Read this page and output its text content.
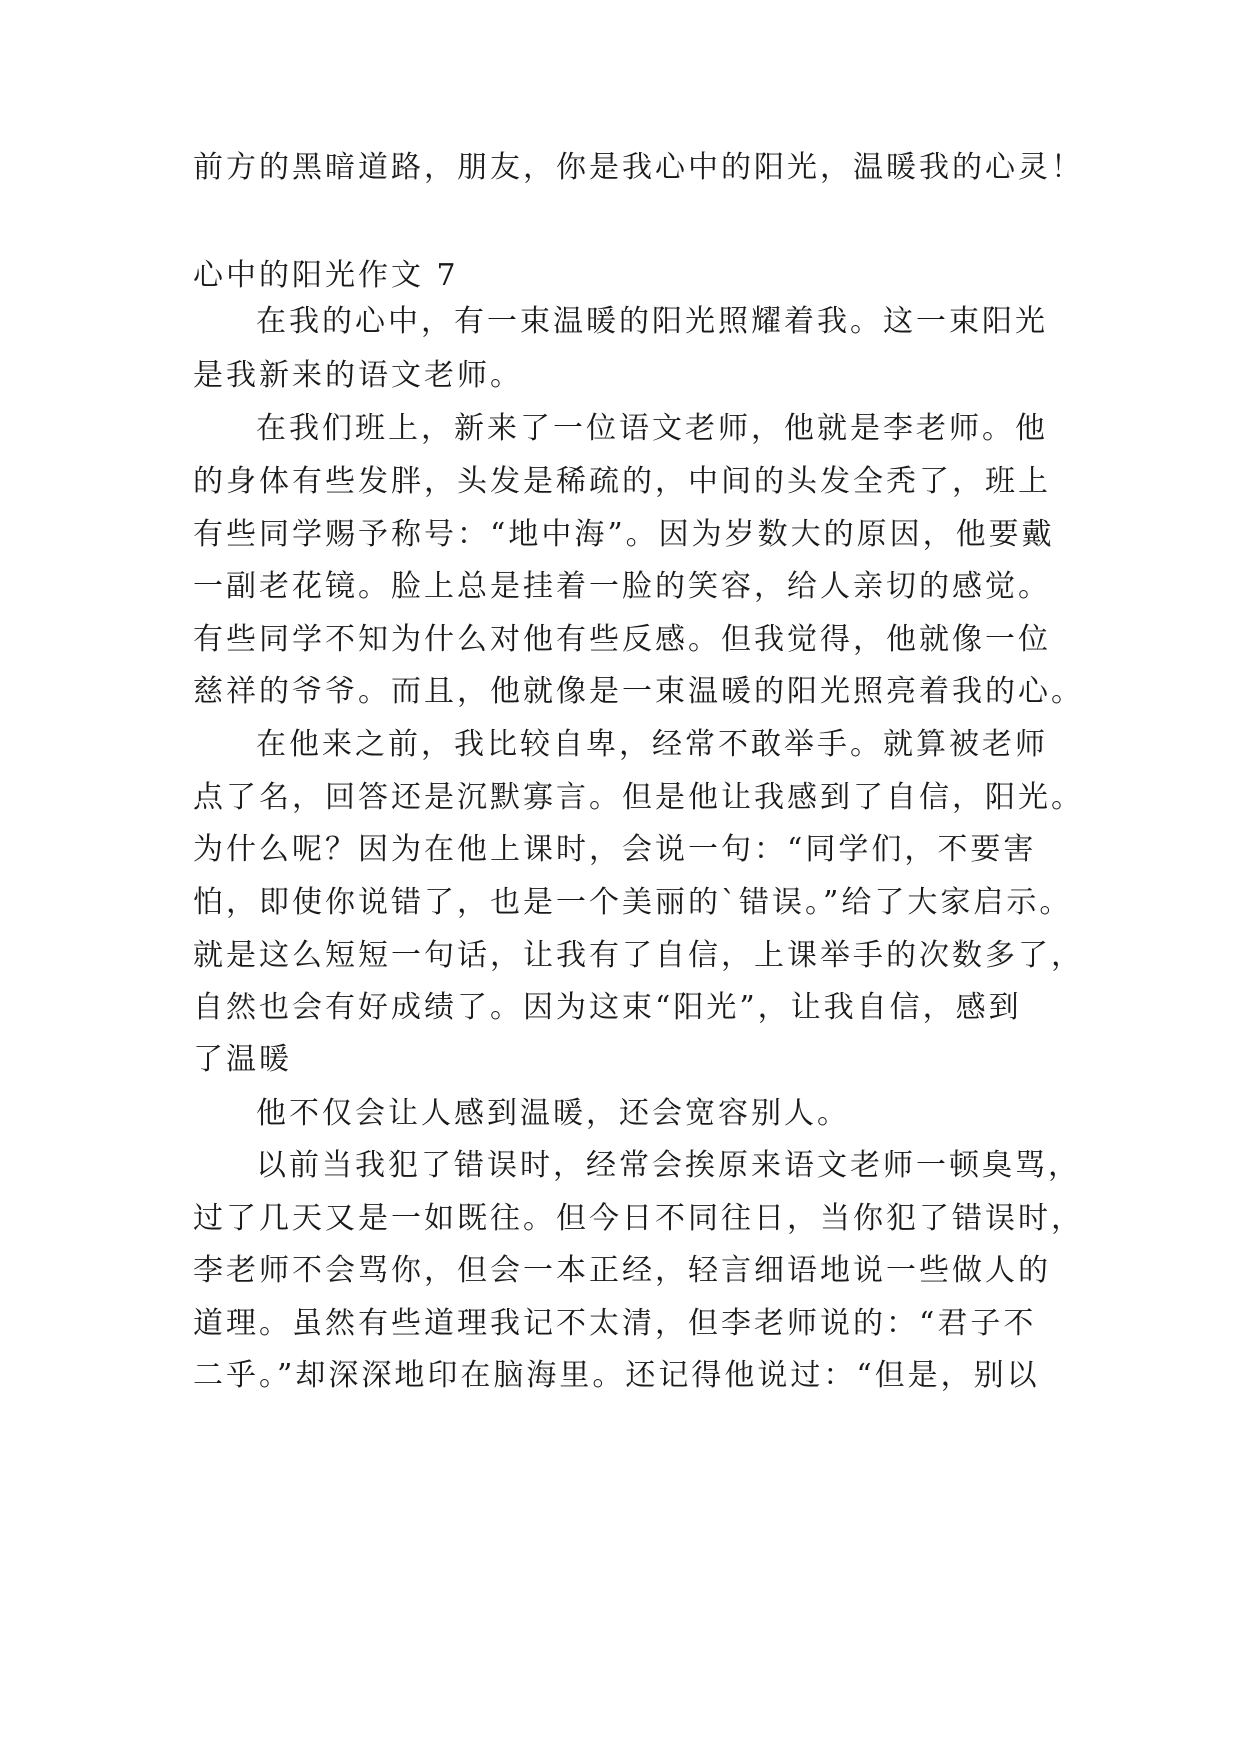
前方的黑暗道路，朋友，你是我心中的阳光，温暖我的心灵！
心中的阳光作文 7
在我的心中，有一束温暖的阳光照耀着我。这一束阳光
是我新来的语文老师。
在我们班上，新来了一位语文老师，他就是李老师。他
的身体有些发胖，头发是稀疏的，中间的头发全秃了，班上
有些同学赐予称号：“地中海”。因为岁数大的原因，他要戴
一副老花镜。脸上总是挂着一脸的笑容，给人亲切的感觉。
有些同学不知为什么对他有些反感。但我觉得，他就像一位
慈祥的爷爷。而且，他就像是一束温暖的阳光照亮着我的心。
在他来之前，我比较自卑，经常不敢举手。就算被老师
点了名，回答还是沉默寡言。但是他让我感到了自信，阳光。
为什么呢？因为在他上课时，会说一句：“同学们，不要害
怕，即使你说错了，也是一个美丽的`错误。”给了大家启示。
就是这么短短一句话，让我有了自信，上课举手的次数多了，
自然也会有好成绩了。因为这束“阳光”，让我自信，感到
了温暖
他不仅会让人感到温暖，还会宽容别人。
以前当我犯了错误时，经常会挨原来语文老师一顿臭骂，
过了几天又是一如既往。但今日不同往日，当你犯了错误时，
李老师不会骂你，但会一本正经，轻言细语地说一些做人的
道理。虽然有些道理我记不太清，但李老师说的：“君子不
二乎。”却深深地印在脑海里。还记得他说过：“但是，别以
